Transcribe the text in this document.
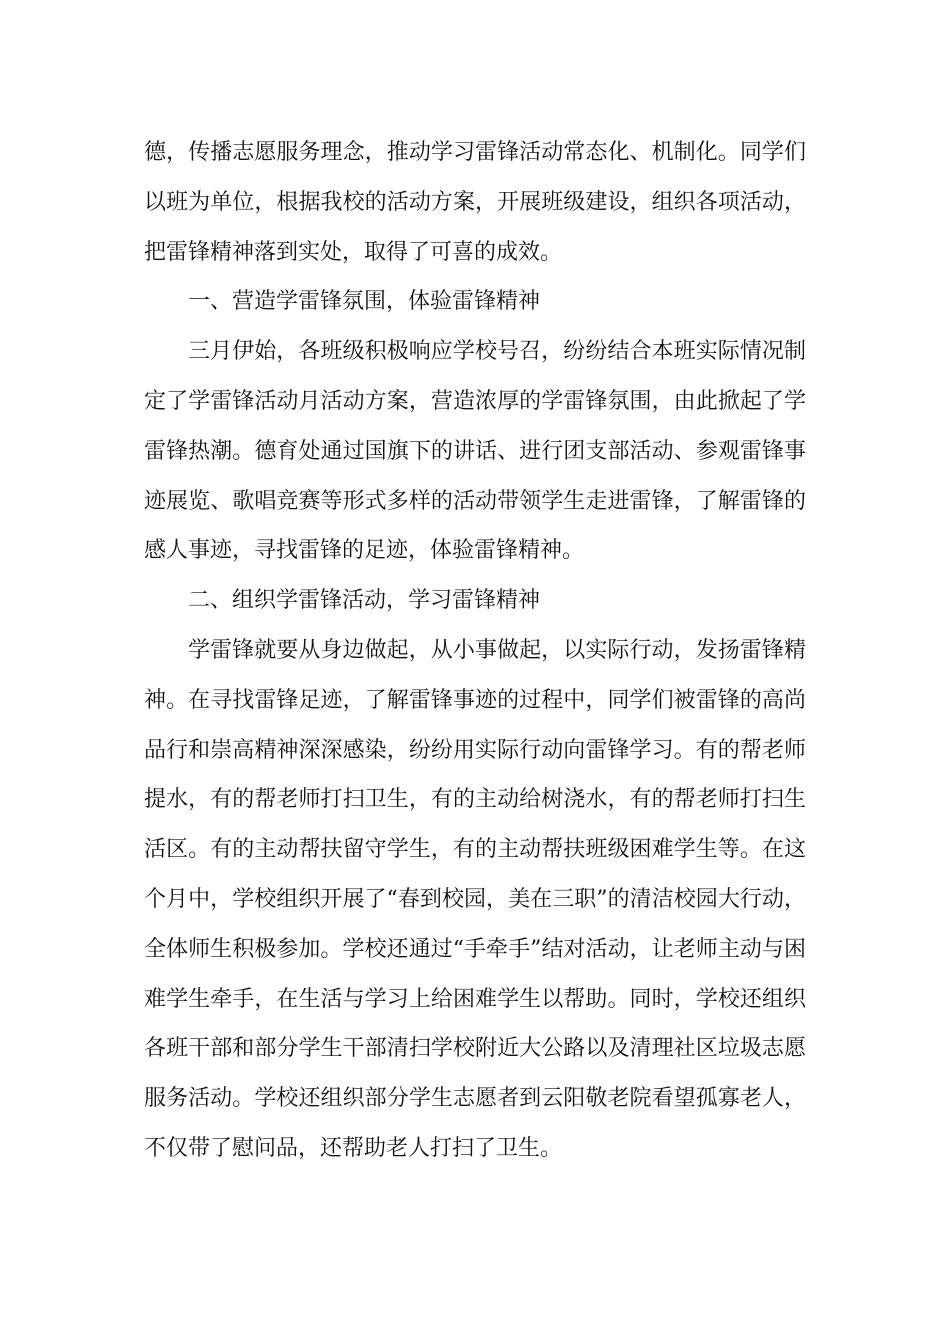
德，传播志愿服务理念，推动学习雷锋活动常态化、机制化。同学们以班为单位，根据我校的活动方案，开展班级建设，组织各项活动，把雷锋精神落到实处，取得了可喜的成效。

一、营造学雷锋氛围，体验雷锋精神

三月伊始，各班级积极响应学校号召，纷纷结合本班实际情况制定了学雷锋活动月活动方案，营造浓厚的学雷锋氛围，由此掀起了学雷锋热潮。德育处通过国旗下的讲话、进行团支部活动、参观雷锋事迹展览、歌唱竞赛等形式多样的活动带领学生走进雷锋，了解雷锋的感人事迹，寻找雷锋的足迹，体验雷锋精神。

二、组织学雷锋活动，学习雷锋精神

学雷锋就要从身边做起，从小事做起，以实际行动，发扬雷锋精神。在寻找雷锋足迹，了解雷锋事迹的过程中，同学们被雷锋的高尚品行和崇高精神深深感染，纷纷用实际行动向雷锋学习。有的帮老师提水，有的帮老师打扫卫生，有的主动给树浇水，有的帮老师打扫生活区。有的主动帮扶留守学生，有的主动帮扶班级困难学生等。在这个月中，学校组织开展了“春到校园，美在三职”的清洁校园大行动，全体师生积极参加。学校还通过“手牵手”结对活动，让老师主动与困难学生牵手，在生活与学习上给困难学生以帮助。同时，学校还组织各班干部和部分学生干部清扫学校附近大公路以及清理社区垃圾志愿服务活动。学校还组织部分学生志愿者到云阳敬老院看望孤寡老人，不仅带了慰问品，还帮助老人打扫了卫生。
